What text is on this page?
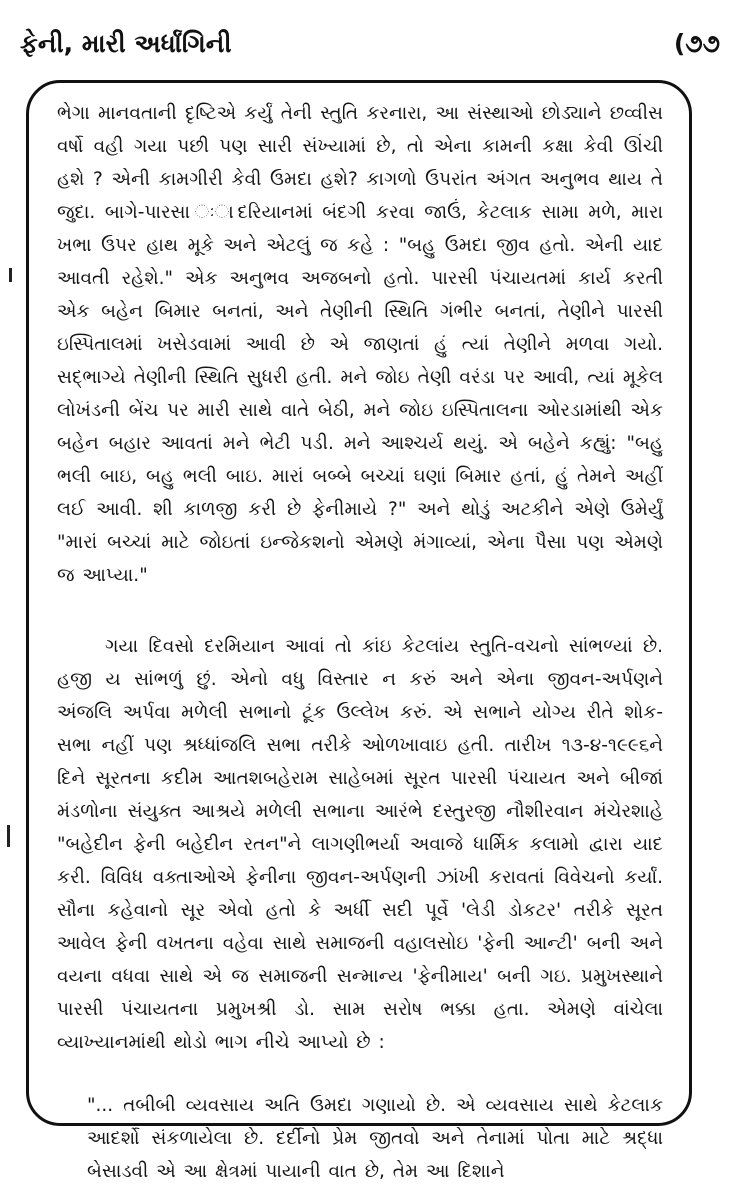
ફેની, મારી અર્ધાંગિની	(૭૭

ભેગા માનવતાની દૃષ્ટિએ કર્યું તેની સ્તુતિ કરનારા, આ સંસ્થાઓ છોડ્યાને છવ્વીસ વર્ષો વહી ગયા પછી પણ સારી સંખ્યામાં છે, તો એના કામની કક્ષા કેવી ઊંચી હશે ? એની કામગીરી કેવી ઉમદા હશે? કાગળો ઉપરાંત અંગત અનુભવ થાય તે જુદા. બાગે-પારસા ઃાદરિયાનમાં બંદગી કરવા જાઉં, કેટલાક સામા મળે, મારા ખભા ઉપર હાથ મૂકે અને એટલું જ કહે : "બહુ ઉમદા જીવ હતો. એની યાદ આવતી રહેશે." એક અનુભવ અજબનો હતો. પારસી પંચાયતમાં કાર્ય કરતી એક બહેન બિમાર બનતાં, અને તેણીની સ્થિતિ ગંભીર બનતાં, તેણીને પારસી ઇસ્પિતાલમાં ખસેડવામાં આવી છે એ જાણતાં હું ત્યાં તેણીને મળવા ગયો. સદ્ભાગ્યે તેણીની સ્થિતિ સુધરી હતી. મને જોઇ તેણી વરંડા પર આવી, ત્યાં મૂકેલ લોખંડની બેંચ પર મારી સાથે વાતે બેઠી, મને જોઇ ઇસ્પિતાલના ઓરડામાંથી એક બહેન બહાર આવતાં મને ભેટી પડી. મને આશ્ચર્ય થયું. એ બહેને કહ્યું: "બહુ ભલી બાઇ, બહુ ભલી બાઇ. મારાં બબ્બે બચ્ચાં ઘણાં બિમાર હતાં, હું તેમને અહીં લઈ આવી. શી કાળજી કરી છે ફેનીમાયે ?" અને થોડું અટકીને એણે ઉમેર્યું "મારાં બચ્ચાં માટે જોઇતાં ઇન્જેકશનો એમણે મંગાવ્યાં, એના પૈસા પણ એમણે જ આપ્યા."

ગયા દિવસો દરમિયાન આવાં તો કાંઇ કેટલાંય સ્તુતિ-વચનો સાંભળ્યાં છે. હજી ય સાંભળું છું. એનો વધુ વિસ્તાર ન કરું અને એના જીવન-અર્પણને અંજલિ અર્પવા મળેલી સભાનો ટૂંક ઉલ્લેખ કરું. એ સભાને યોગ્ય રીતે શોક-સભા નહીં પણ શ્રધ્ધાંજલિ સભા તરીકે ઓળખાવાઇ હતી. તારીખ ૧૩-૪-૧૯૯૬ને દિને સૂરતના કદીમ આતશબહેરામ સાહેબમાં સૂરત પારસી પંચાયત અને બીજાં મંડળોના સંયુક્ત આશ્રયે મળેલી સભાના આરંભે દસ્તુરજી નૌશીરવાન મંચેરશાહે "બહેદીન ફેની બહેદીન રતન"ને લાગણીભર્યા અવાજે ધાર્મિક કલામો દ્વારા યાદ કરી. વિવિધ વક્તાઓએ ફેનીના જીવન-અર્પણની ઝાંખી કરાવતાં વિવેચનો કર્યાં. સૌના કહેવાનો સૂર એવો હતો કે અર્ધી સદી પૂર્વે 'લેડી ડોકટર' તરીકે સૂરત આવેલ ફેની વખતના વહેવા સાથે સમાજની વહાલસોઇ 'ફેની આન્ટી' બની અને વયના વધવા સાથે એ જ સમાજની સન્માન્ય 'ફેનીમાય' બની ગઇ. પ્રમુખસ્થાને પારસી પંચાયતના પ્રમુખશ્રી ડો. સામ સરોષ ભક્કા હતા. એમણે વાંચેલા વ્યાખ્યાનમાંથી થોડો ભાગ નીચે આપ્યો છે :

"... તબીબી વ્યવસાય અતિ ઉમદા ગણાયો છે. એ વ્યવસાય સાથે કેટલાક આદર્શો સંકળાયેલા છે. દર્દીનો પ્રેમ જીતવો અને તેનામાં પોતા માટે શ્રદ્ધા બેસાડવી એ આ ક્ષેત્રમાં પાયાની વાત છે, તેમ આ દિશાને
